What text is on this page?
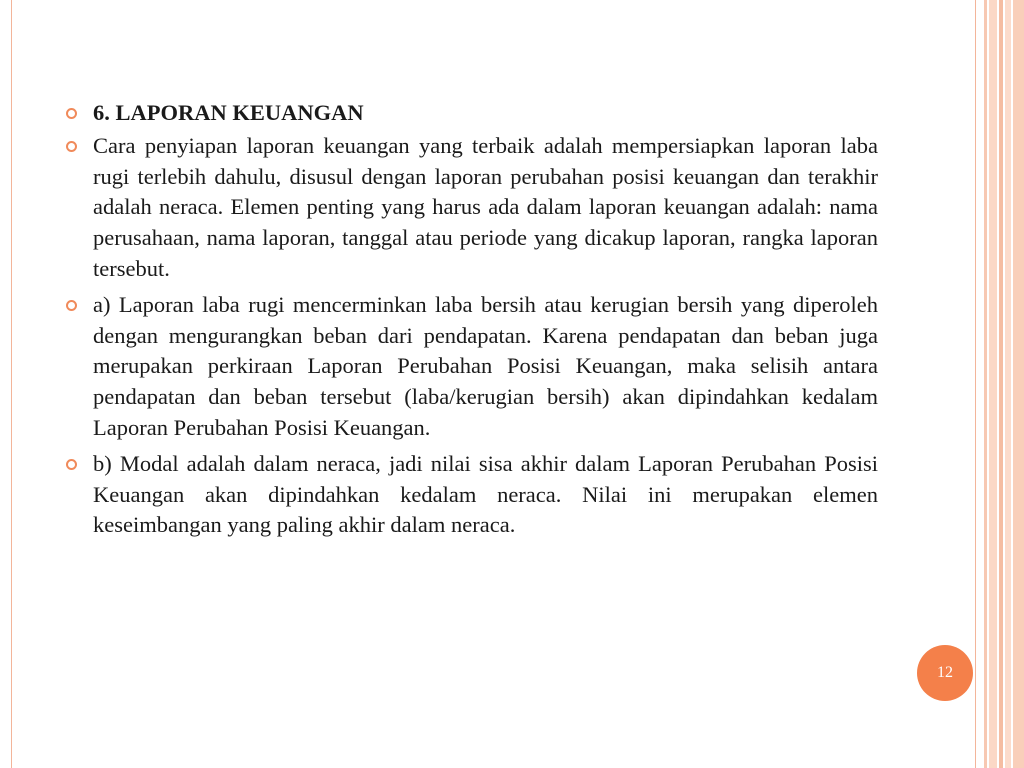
6. LAPORAN KEUANGAN
Cara penyiapan laporan keuangan yang terbaik adalah mempersiapkan laporan laba rugi terlebih dahulu, disusul dengan laporan perubahan posisi keuangan dan terakhir adalah neraca. Elemen penting yang harus ada dalam laporan keuangan adalah: nama perusahaan, nama laporan, tanggal atau periode yang dicakup laporan, rangka laporan tersebut.
a) Laporan laba rugi mencerminkan laba bersih atau kerugian bersih yang diperoleh dengan mengurangkan beban dari pendapatan. Karena pendapatan dan beban juga merupakan perkiraan Laporan Perubahan Posisi Keuangan, maka selisih antara pendapatan dan beban tersebut (laba/kerugian bersih) akan dipindahkan kedalam Laporan Perubahan Posisi Keuangan.
b) Modal adalah dalam neraca, jadi nilai sisa akhir dalam Laporan Perubahan Posisi Keuangan akan dipindahkan kedalam neraca. Nilai ini merupakan elemen keseimbangan yang paling akhir dalam neraca.
12
